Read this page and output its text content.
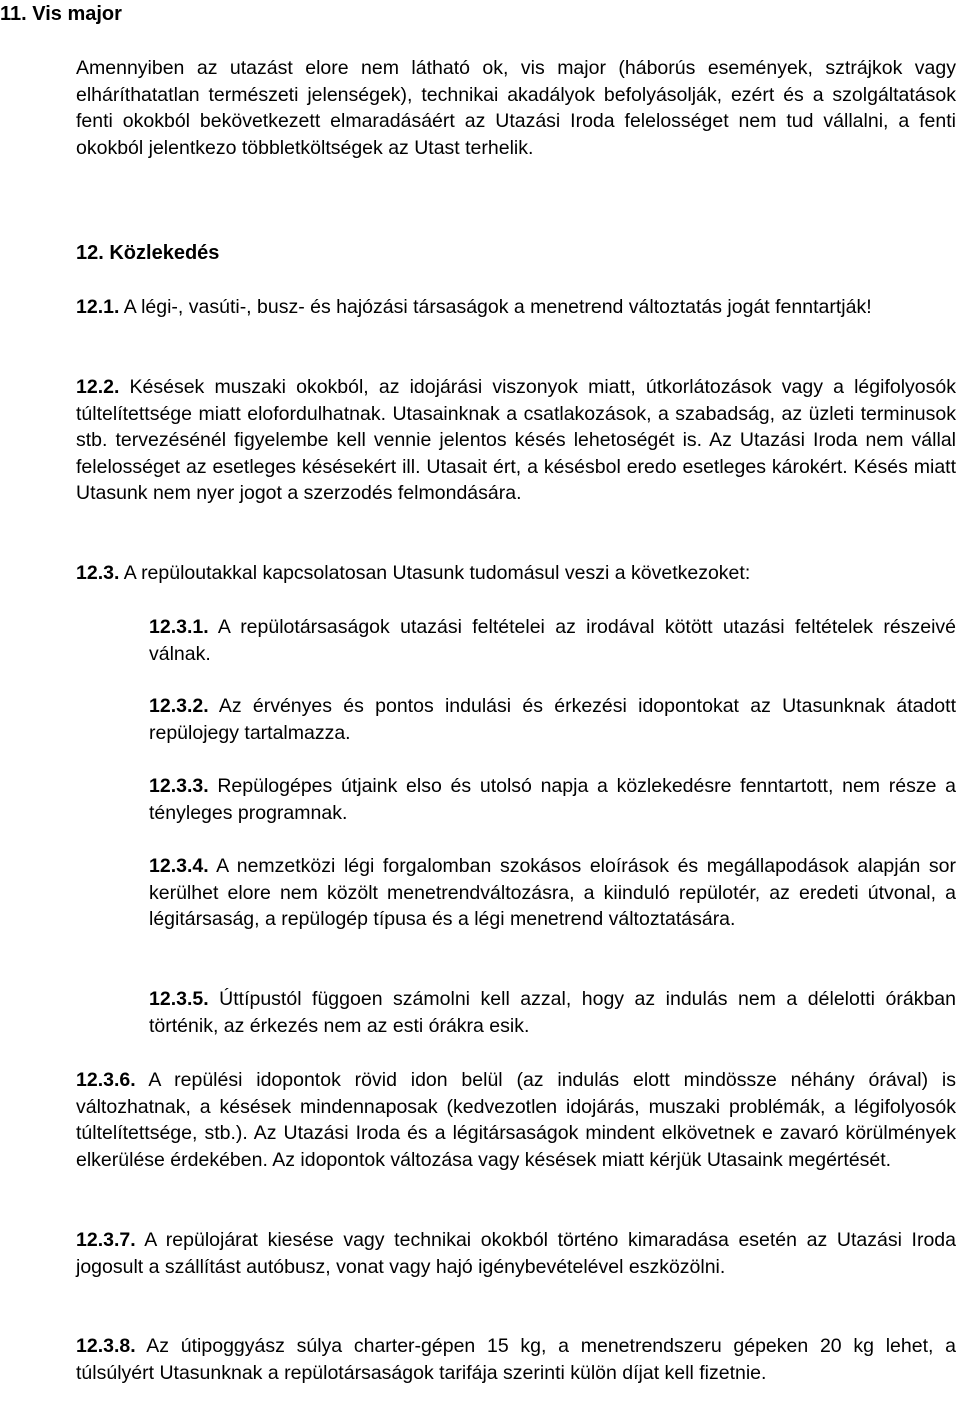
11. Vis major

Amennyiben az utazást elore nem látható ok, vis major (háborús események, sztrájkok vagy elháríthatatlan természeti jelenségek), technikai akadályok befolyásolják, ezért és a szolgáltatások fenti okokból bekövetkezett elmaradásáért az Utazási Iroda felelosséget nem tud vállalni, a fenti okokból jelentkezo többletköltségek az Utast terhelik.

12. Közlekedés

12.1. A légi-, vasúti-, busz- és hajózási társaságok a menetrend változtatás jogát fenntartják!

12.2. Késések muszaki okokból, az idojárási viszonyok miatt, útkorlátozások vagy a légifolyosók túltelítettsége miatt elofordulhatnak. Utasainknak a csatlakozások, a szabadság, az üzleti terminusok stb. tervezésénél figyelembe kell vennie jelentos késés lehetoségét is. Az Utazási Iroda nem vállal felelosséget az esetleges késésekért ill. Utasait ért, a késésbol eredo esetleges károkért. Késés miatt Utasunk nem nyer jogot a szerzodés felmondására.

12.3. A repüloutakkal kapcsolatosan Utasunk tudomásul veszi a következoket:

12.3.1. A repülotársaságok utazási feltételei az irodával kötött utazási feltételek részeivé válnak.

12.3.2. Az érvényes és pontos indulási és érkezési idopontokat az Utasunknak átadott repülojegy tartalmazza.

12.3.3. Repülogépes útjaink elso és utolsó napja a közlekedésre fenntartott, nem része a tényleges programnak.

12.3.4. A nemzetközi légi forgalomban szokásos eloírások és megállapodások alapján sor kerülhet elore nem közölt menetrendváltozásra, a kiinduló repülotér, az eredeti útvonal, a légitársaság, a repülogép típusa és a légi menetrend változtatására.

12.3.5. Úttípustól függoen számolni kell azzal, hogy az indulás nem a délelotti órákban történik, az érkezés nem az esti órákra esik.

12.3.6. A repülési idopontok rövid idon belül (az indulás elott mindössze néhány órával) is változhatnak, a késések mindennaposak (kedvezotlen idojárás, muszaki problémák, a légifolyosók túltelítettsége, stb.). Az Utazási Iroda és a légitársaságok mindent elkövetnek e zavaró körülmények elkerülése érdekében. Az idopontok változása vagy késések miatt kérjük Utasaink megértését.

12.3.7. A repülojárat kiesése vagy technikai okokból történo kimaradása esetén az Utazási Iroda jogosult a szállítást autóbusz, vonat vagy hajó igénybevételével eszközölni.

12.3.8. Az útipoggyász súlya charter-gépen 15 kg, a menetrendszeru gépeken 20 kg lehet, a túlsúlyért Utasunknak a repülotársaságok tarifája szerinti külön díjat kell fizetnie.
